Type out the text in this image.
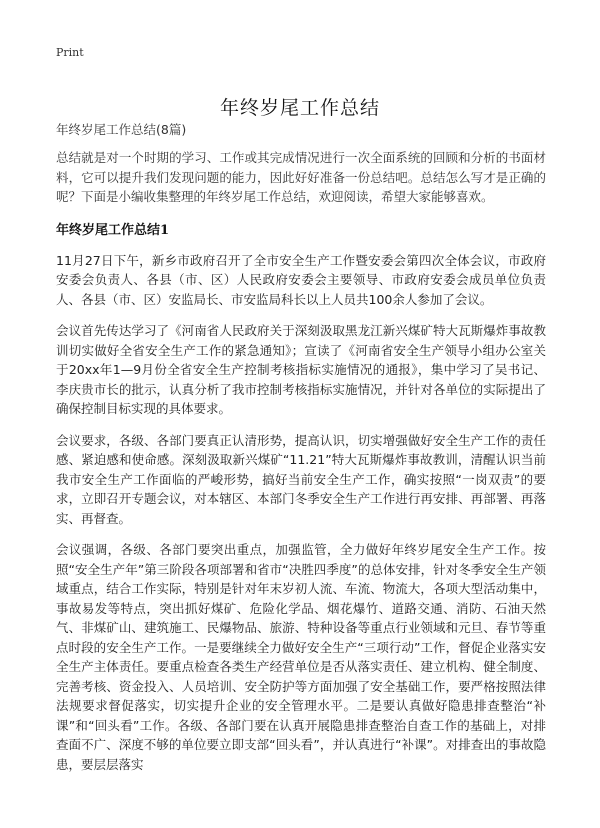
Print
年终岁尾工作总结

年终岁尾工作总结(8篇)

总结就是对一个时期的学习、工作或其完成情况进行一次全面系统的回顾和分析的书面材料，它可以提升我们发现问题的能力，因此好好准备一份总结吧。总结怎么写才是正确的呢？下面是小编收集整理的年终岁尾工作总结，欢迎阅读，希望大家能够喜欢。

年终岁尾工作总结1

11月27日下午，新乡市政府召开了全市安全生产工作暨安委会第四次全体会议，市政府安委会负责人、各县（市、区）人民政府安委会主要领导、市政府安委会成员单位负责人、各县（市、区）安监局长、市安监局科长以上人员共100余人参加了会议。

会议首先传达学习了《河南省人民政府关于深刻汲取黑龙江新兴煤矿特大瓦斯爆炸事故教训切实做好全省安全生产工作的紧急通知》；宣读了《河南省安全生产领导小组办公室关于20xx年1—9月份全省安全生产控制考核指标实施情况的通报》，集中学习了吴书记、李庆贵市长的批示，认真分析了我市控制考核指标实施情况，并针对各单位的实际提出了确保控制目标实现的具体要求。

会议要求，各级、各部门要真正认清形势，提高认识，切实增强做好安全生产工作的责任感、紧迫感和使命感。深刻汲取新兴煤矿“11.21”特大瓦斯爆炸事故教训，清醒认识当前我市安全生产工作面临的严峻形势，搞好当前安全生产工作，确实按照“一岗双责”的要求，立即召开专题会议，对本辖区、本部门冬季安全生产工作进行再安排、再部署、再落实、再督查。

会议强调，各级、各部门要突出重点，加强监管，全力做好年终岁尾安全生产工作。按照“安全生产年”第三阶段各项部署和省市“决胜四季度”的总体安排，针对冬季安全生产领域重点，结合工作实际，特别是针对年末岁初人流、车流、物流大，各项大型活动集中，事故易发等特点，突出抓好煤矿、危险化学品、烟花爆竹、道路交通、消防、石油天然气、非煤矿山、建筑施工、民爆物品、旅游、特种设备等重点行业领域和元旦、春节等重点时段的安全生产工作。一是要继续全力做好安全生产“三项行动”工作，督促企业落实安全生产主体责任。要重点检查各类生产经营单位是否从落实责任、建立机构、健全制度、完善考核、资金投入、人员培训、安全防护等方面加强了安全基础工作，要严格按照法律法规要求督促落实，切实提升企业的安全管理水平。二是要认真做好隐患排查整治“补课”和“回头看”工作。各级、各部门要在认真开展隐患排查整治自查工作的基础上，对排查面不广、深度不够的单位要立即支部“回头看”，并认真进行“补课”。对排查出的事故隐患，要层层落实
